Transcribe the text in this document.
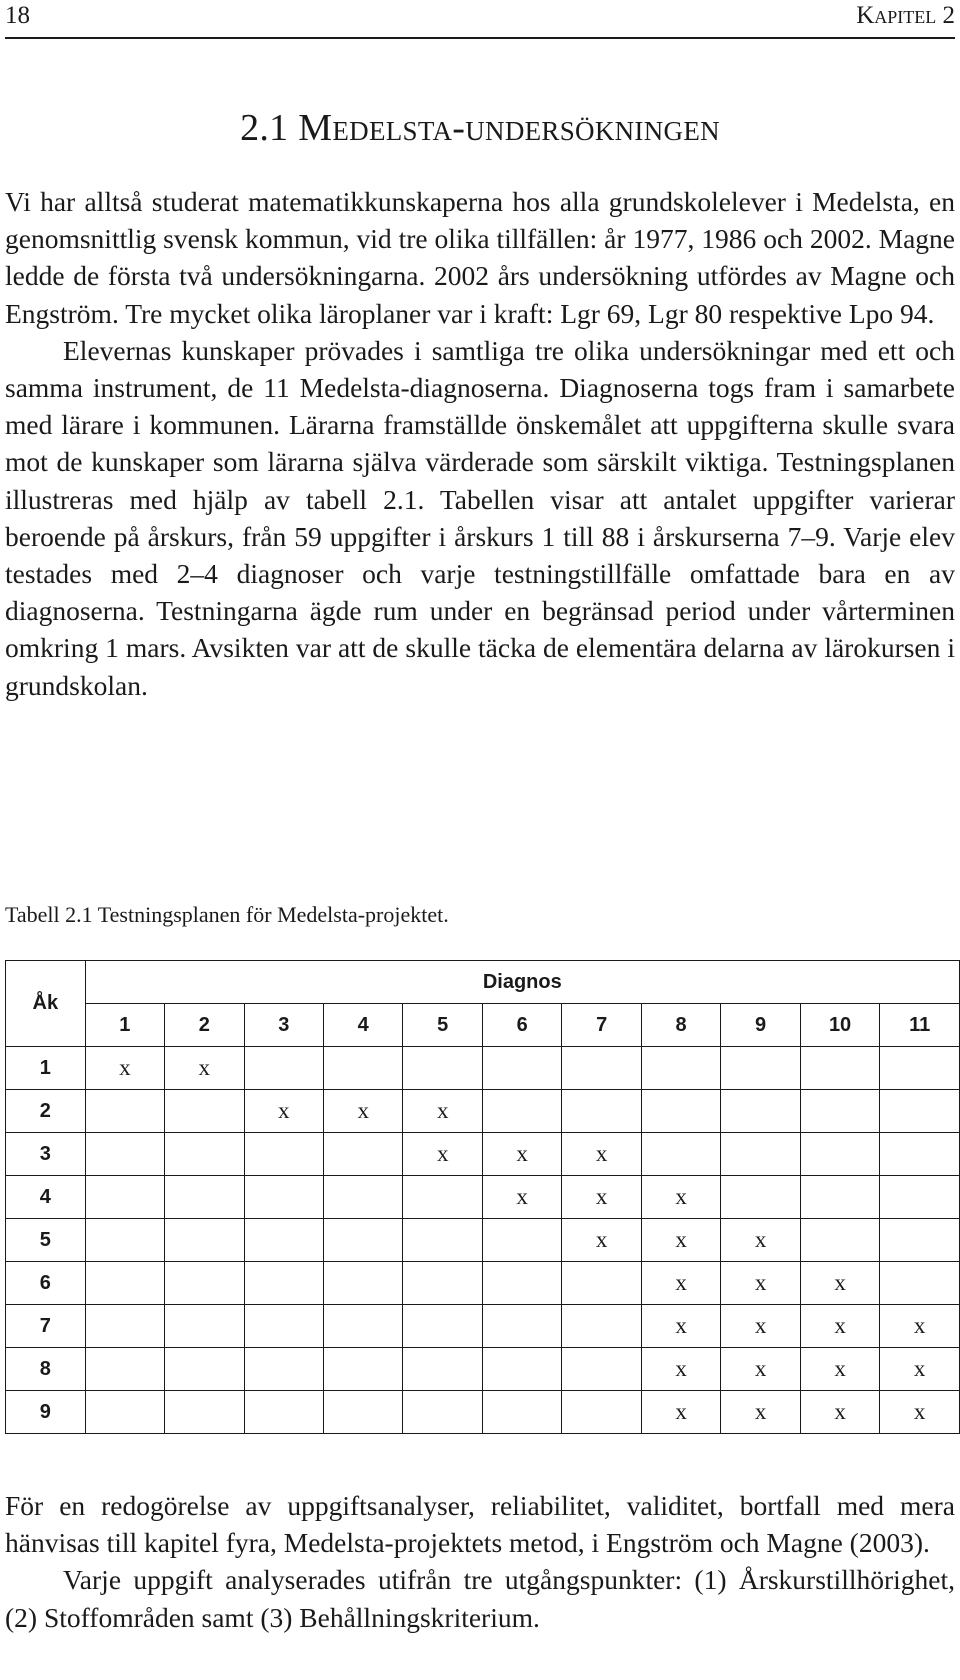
18	Kapitel 2
2.1 Medelsta-undersökningen

Vi har alltså studerat matematikkunskaperna hos alla grundskolelever i Medelsta, en genomsnittlig svensk kommun, vid tre olika tillfällen: år 1977, 1986 och 2002. Magne ledde de första två undersökningarna. 2002 års undersökning utfördes av Magne och Engström. Tre mycket olika läroplaner var i kraft: Lgr 69, Lgr 80 respektive Lpo 94.

Elevernas kunskaper prövades i samtliga tre olika undersökningar med ett och samma instrument, de 11 Medelsta-diagnoserna. Diagnoserna togs fram i samarbete med lärare i kommunen. Lärarna framställde önskemålet att uppgifterna skulle svara mot de kunskaper som lärarna själva värderade som särskilt viktiga. Testningsplanen illustreras med hjälp av tabell 2.1. Tabellen visar att antalet uppgifter varierar beroende på årskurs, från 59 uppgifter i årskurs 1 till 88 i årskurserna 7–9. Varje elev testades med 2–4 diagnoser och varje testningstillfälle omfattade bara en av diagnoserna. Testningarna ägde rum under en begränsad period under vårterminen omkring 1 mars. Avsikten var att de skulle täcka de elementära delarna av lärokursen i grundskolan.

Tabell 2.1 Testningsplanen för Medelsta-projektet.
Åk	Diagnos										
	1	2	3	4	5	6	7	8	9	10	11
1	x	x									
2			x	x	x						
3					x	x	x				
4						x	x	x			
5							x	x	x		
6								x	x	x	
7								x	x	x	x
8								x	x	x	x
9								x	x	x	x

För en redogörelse av uppgiftsanalyser, reliabilitet, validitet, bortfall med mera hänvisas till kapitel fyra, Medelsta-projektets metod, i Engström och Magne (2003).

Varje uppgift analyserades utifrån tre utgångspunkter: (1) Årskurstillhörighet, (2) Stoffområden samt (3) Behållningskriterium.
